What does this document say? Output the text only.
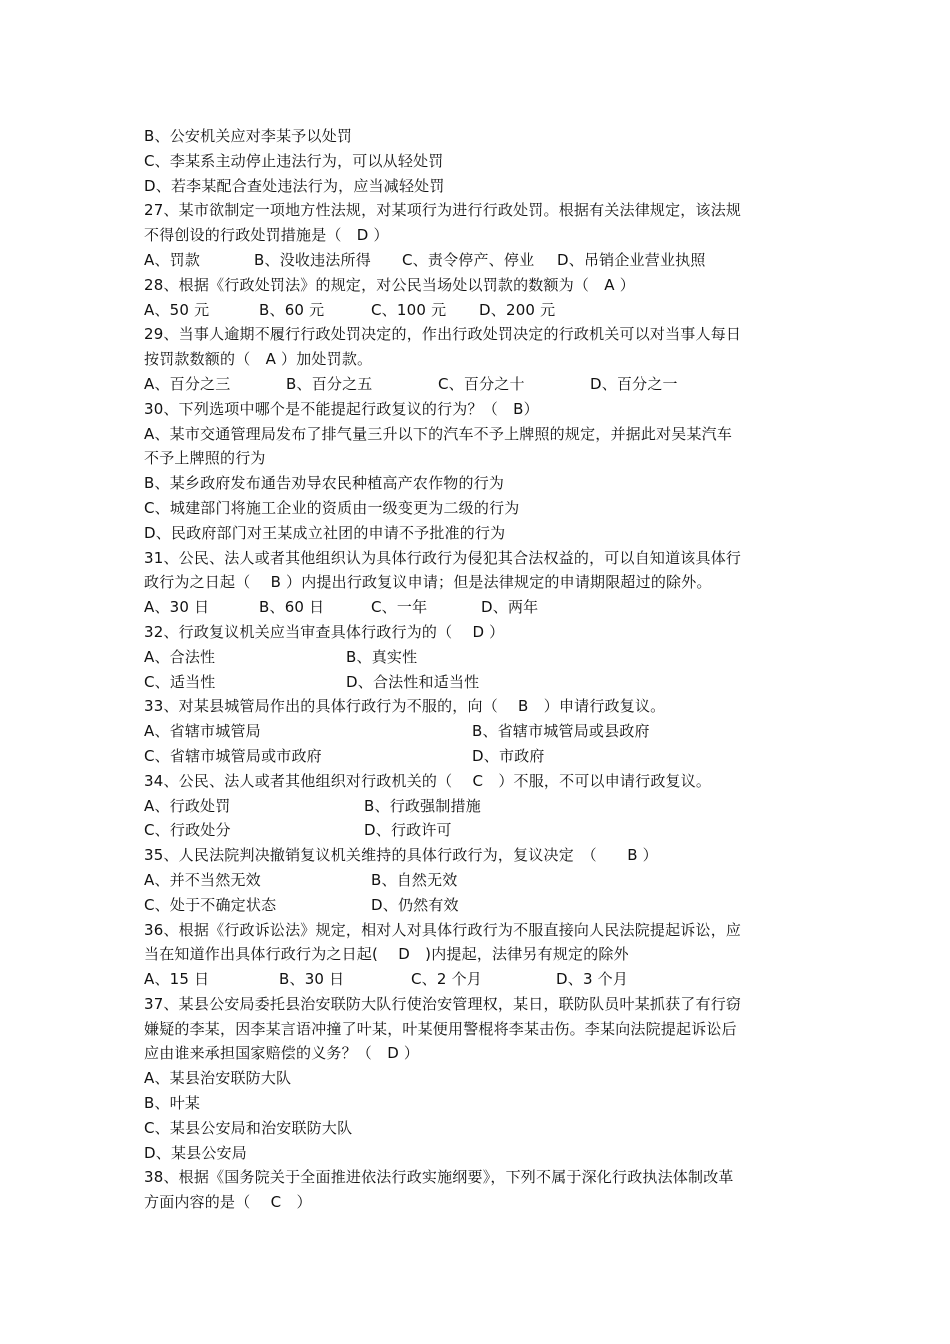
B、公安机关应对李某予以处罚
C、李某系主动停止违法行为，可以从轻处罚
D、若李某配合查处违法行为，应当减轻处罚
27、某市欲制定一项地方性法规，对某项行为进行行政处罚。根据有关法律规定，该法规
不得创设的行政处罚措施是（　D ）
A、罚款	B、没收违法所得	C、责令停产、停业	D、吊销企业营业执照
28、根据《行政处罚法》的规定，对公民当场处以罚款的数额为（　A ）
A、50 元	B、60 元	C、100 元	D、200 元
29、当事人逾期不履行行政处罚决定的，作出行政处罚决定的行政机关可以对当事人每日
按罚款数额的（　A ）加处罚款。
A、百分之三	B、百分之五	C、百分之十	D、百分之一
30、下列选项中哪个是不能提起行政复议的行为？（　B）
A、某市交通管理局发布了排气量三升以下的汽车不予上牌照的规定，并据此对吴某汽车
不予上牌照的行为
B、某乡政府发布通告劝导农民种植高产农作物的行为
C、城建部门将施工企业的资质由一级变更为二级的行为
D、民政府部门对王某成立社团的申请不予批准的行为
31、公民、法人或者其他组织认为具体行政行为侵犯其合法权益的，可以自知道该具体行
政行为之日起（　 B ）内提出行政复议申请；但是法律规定的申请期限超过的除外。
A、30 日	B、60 日	C、一年	D、两年
32、行政复议机关应当审查具体行政行为的（　 D ）
A、合法性	B、真实性
C、适当性	D、合法性和适当性
33、对某县城管局作出的具体行政行为不服的，向（　 B　）申请行政复议。
A、省辖市城管局	B、省辖市城管局或县政府
C、省辖市城管局或市政府	D、市政府
34、公民、法人或者其他组织对行政机关的（　 C　）不服，不可以申请行政复议。
A、行政处罚	B、行政强制措施
C、行政处分	D、行政许可
35、人民法院判决撤销复议机关维持的具体行政行为，复议决定　（　　B ）
A、并不当然无效	B、自然无效
C、处于不确定状态	D、仍然有效
36、根据《行政诉讼法》规定，相对人对具体行政行为不服直接向人民法院提起诉讼，应
当在知道作出具体行政行为之日起(　 D　)内提起，法律另有规定的除外
A、15 日	B、30 日	C、2 个月	D、3 个月
37、某县公安局委托县治安联防大队行使治安管理权，某日，联防队员叶某抓获了有行窃
嫌疑的李某，因李某言语冲撞了叶某，叶某便用警棍将李某击伤。李某向法院提起诉讼后
应由谁来承担国家赔偿的义务？（　D ）
A、某县治安联防大队
B、叶某
C、某县公安局和治安联防大队
D、某县公安局
38、根据《国务院关于全面推进依法行政实施纲要》，下列不属于深化行政执法体制改革
方面内容的是（　 C　）
